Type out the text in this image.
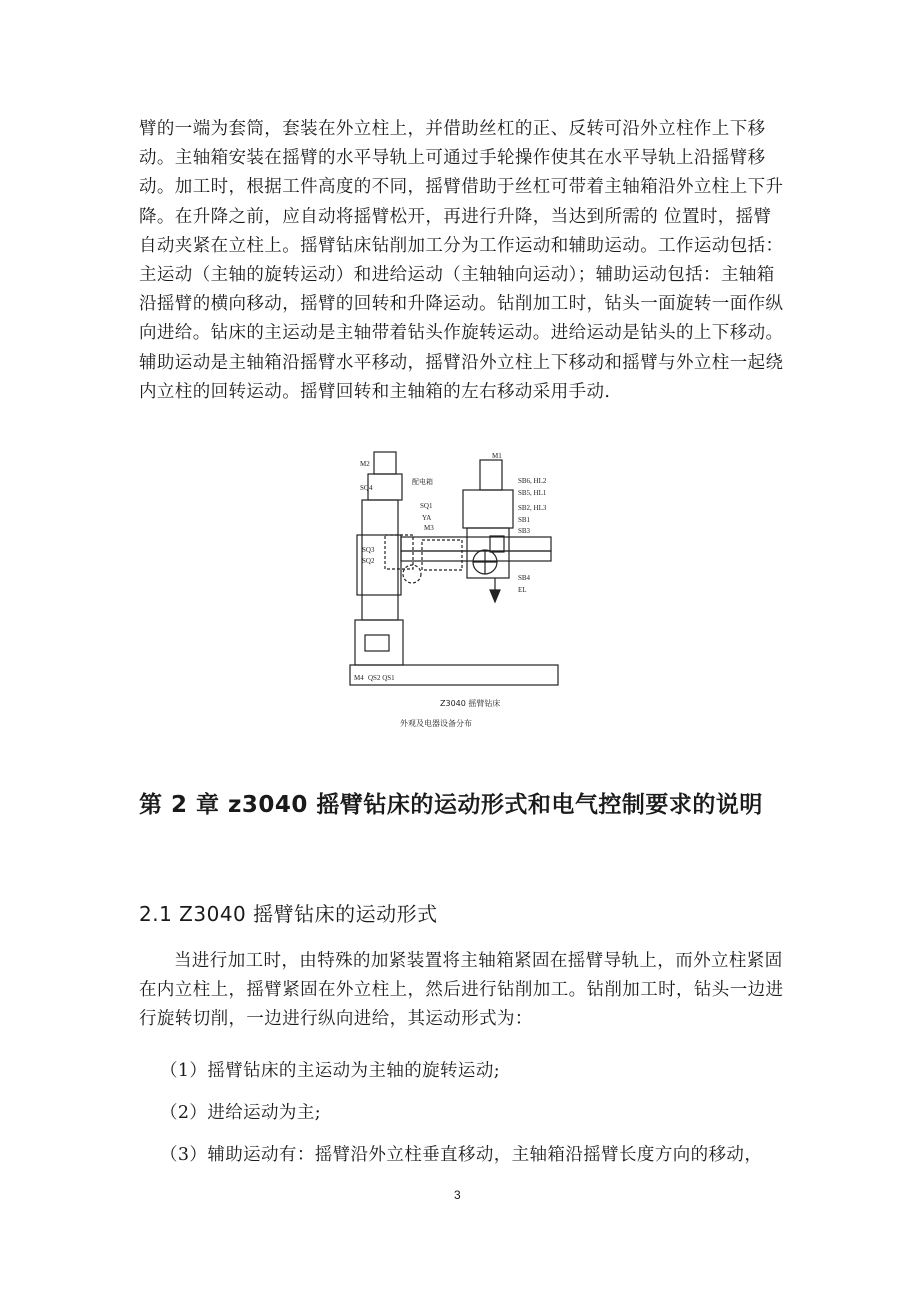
臂的一端为套筒，套装在外立柱上，并借助丝杠的正、反转可沿外立柱作上下移动。主轴箱安装在摇臂的水平导轨上可通过手轮操作使其在水平导轨上沿摇臂移动。加工时，根据工件高度的不同，摇臂借助于丝杠可带着主轴箱沿外立柱上下升降。在升降之前，应自动将摇臂松开，再进行升降，当达到所需的 位置时，摇臂自动夹紧在立柱上。摇臂钻床钻削加工分为工作运动和辅助运动。工作运动包括：主运动（主轴的旋转运动）和进给运动（主轴轴向运动）；辅助运动包括：主轴箱沿摇臂的横向移动，摇臂的回转和升降运动。钻削加工时，钻头一面旋转一面作纵向进给。钻床的主运动是主轴带着钻头作旋转运动。进给运动是钻头的上下移动。辅助运动是主轴箱沿摇臂水平移动，摇臂沿外立柱上下移动和摇臂与外立柱一起绕内立柱的回转运动。摇臂回转和主轴箱的左右移动采用手动.

M2
SQ4
配电箱
SQ1
YA
M3
SQ3
SQ2
M1
SB6, HL2
SB5, HL1
SB2, HL3
SB1
SB3
SB4
EL
M4 QS2 QS1
Z3040 摇臂钻床
外观及电器设备分布
第 2 章 z3040 摇臂钻床的运动形式和电气控制要求的说明
2.1 Z3040 摇臂钻床的运动形式

当进行加工时，由特殊的加紧装置将主轴箱紧固在摇臂导轨上，而外立柱紧固在内立柱上，摇臂紧固在外立柱上，然后进行钻削加工。钻削加工时，钻头一边进行旋转切削，一边进行纵向进给，其运动形式为：

（1）摇臂钻床的主运动为主轴的旋转运动;

（2）进给运动为主;

（3）辅助运动有：摇臂沿外立柱垂直移动，主轴箱沿摇臂长度方向的移动，

3
